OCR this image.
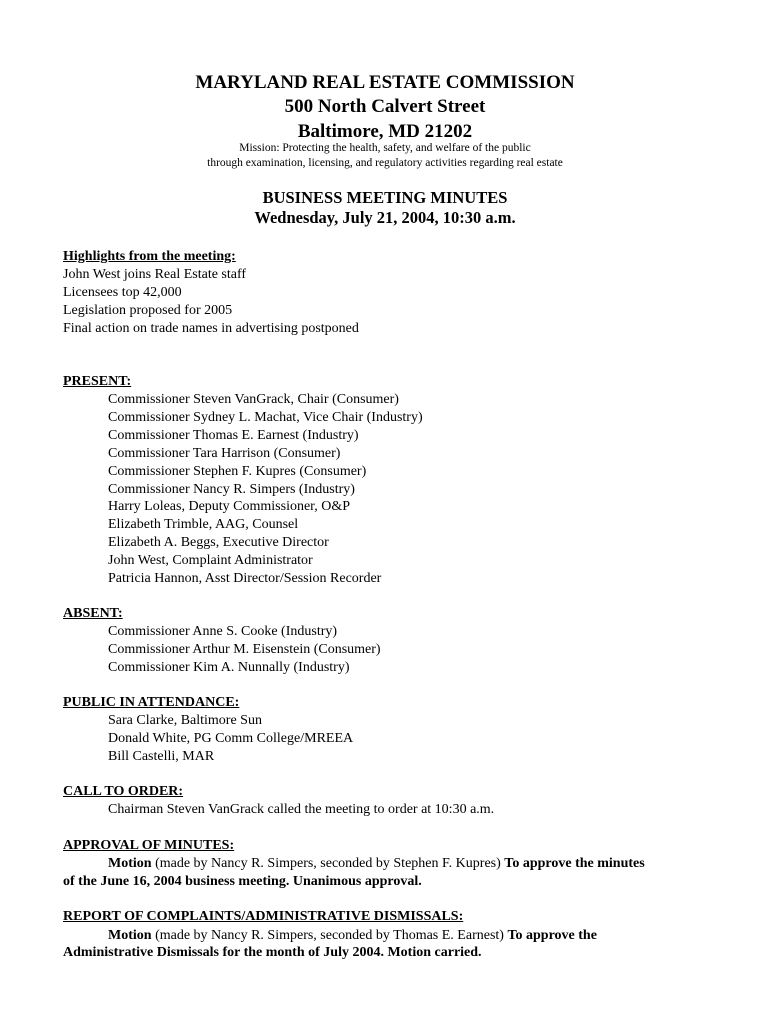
MARYLAND REAL ESTATE COMMISSION
500 North Calvert Street
Baltimore, MD 21202
Mission: Protecting the health, safety, and welfare of the public
through examination, licensing, and regulatory activities regarding real estate
BUSINESS MEETING MINUTES
Wednesday, July 21, 2004, 10:30 a.m.
Highlights from the meeting:
John West joins Real Estate staff
Licensees top 42,000
Legislation proposed for 2005
Final action on trade names in advertising postponed
PRESENT:
Commissioner Steven VanGrack, Chair (Consumer)
Commissioner Sydney L. Machat, Vice Chair (Industry)
Commissioner Thomas E. Earnest (Industry)
Commissioner Tara Harrison (Consumer)
Commissioner Stephen F. Kupres (Consumer)
Commissioner Nancy R. Simpers (Industry)
Harry Loleas, Deputy Commissioner, O&P
Elizabeth Trimble, AAG, Counsel
Elizabeth A. Beggs, Executive Director
John West, Complaint Administrator
Patricia Hannon, Asst Director/Session Recorder
ABSENT:
Commissioner Anne S. Cooke (Industry)
Commissioner Arthur M. Eisenstein (Consumer)
Commissioner Kim A. Nunnally (Industry)
PUBLIC IN ATTENDANCE:
Sara Clarke, Baltimore Sun
Donald White, PG Comm College/MREEA
Bill Castelli, MAR
CALL TO ORDER:
Chairman Steven VanGrack called the meeting to order at 10:30 a.m.
APPROVAL OF MINUTES:
Motion (made by Nancy R. Simpers, seconded by Stephen F. Kupres) To approve the minutes
of the June 16, 2004 business meeting. Unanimous approval.
REPORT OF COMPLAINTS/ADMINISTRATIVE DISMISSALS:
Motion (made by Nancy R. Simpers, seconded by Thomas E. Earnest) To approve the
Administrative Dismissals for the month of July 2004. Motion carried.
